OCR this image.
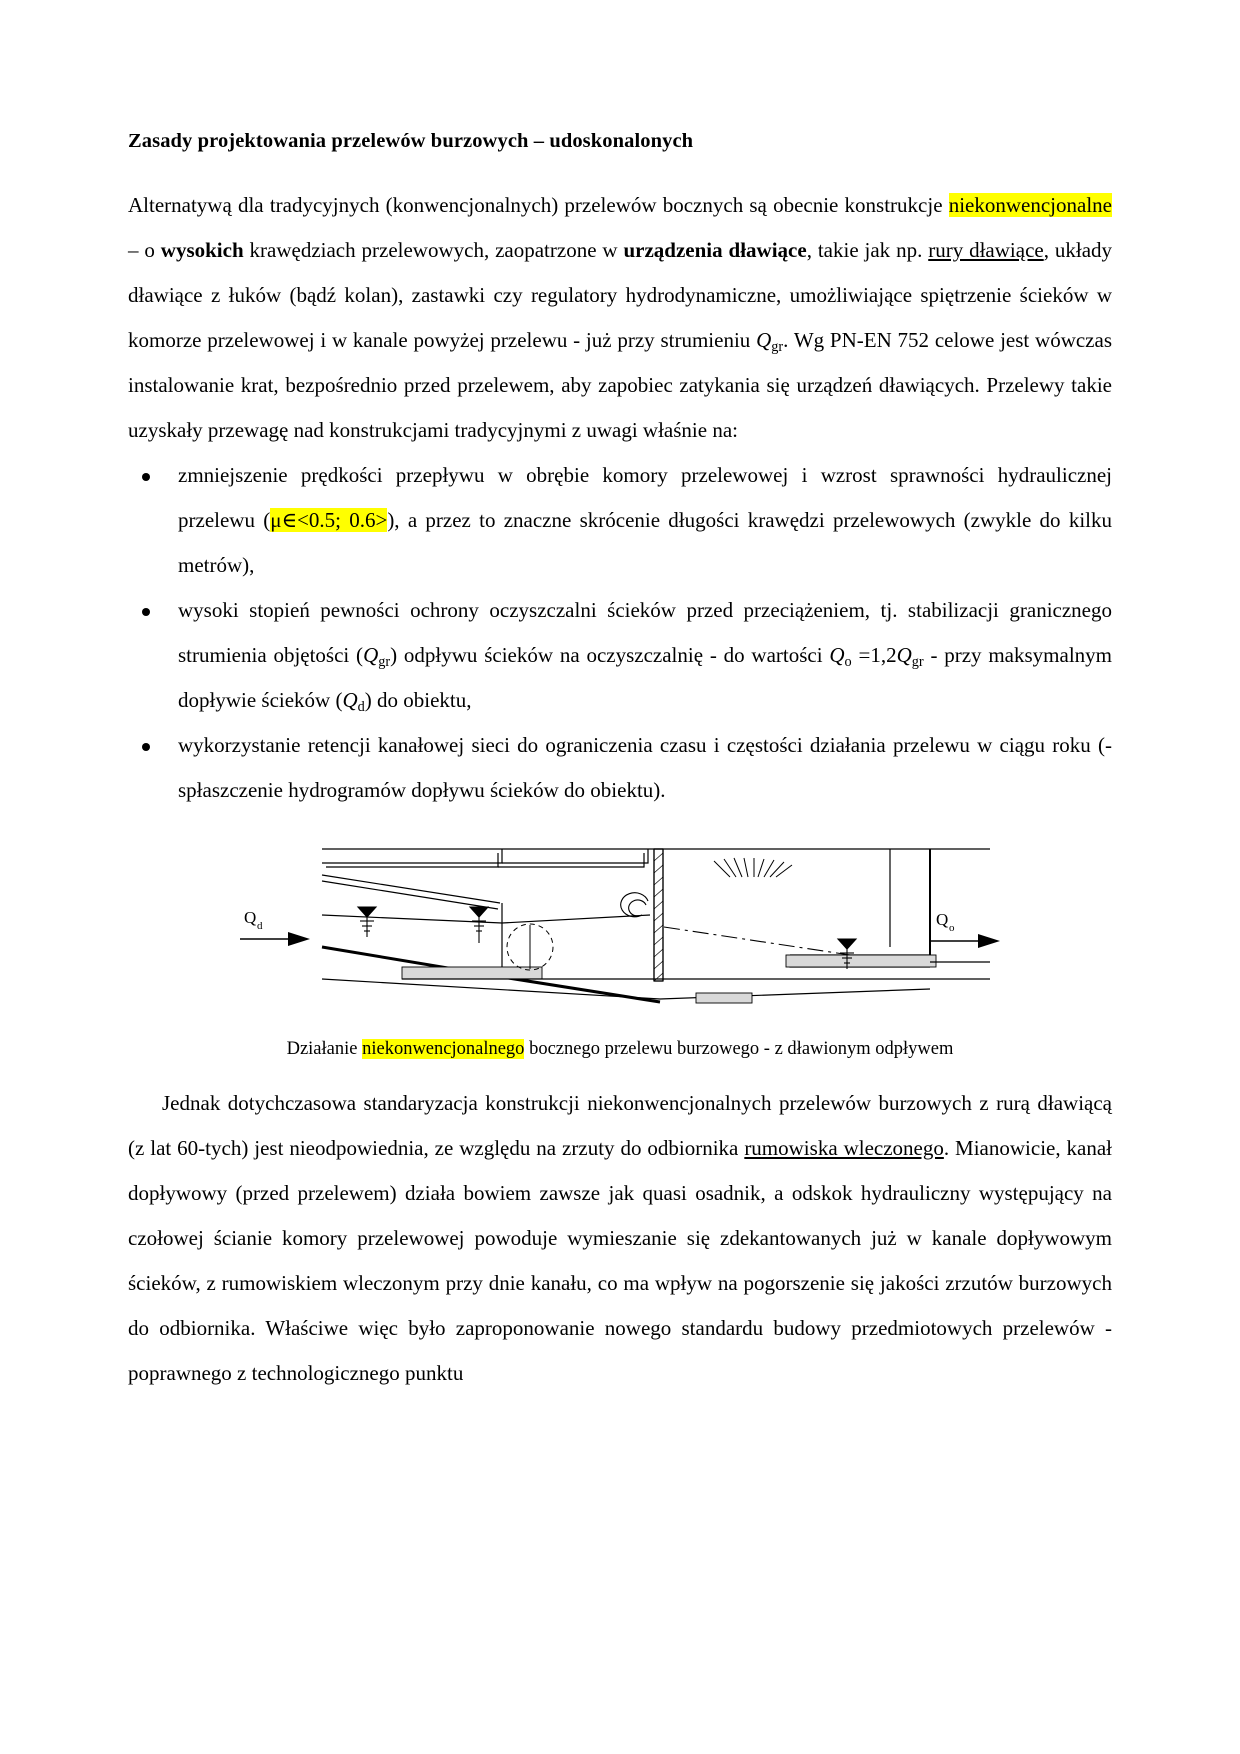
Zasady projektowania przelewów burzowych – udoskonalonych

Alternatywą dla tradycyjnych (konwencjonalnych) przelewów bocznych są obecnie konstrukcje niekonwencjonalne – o wysokich krawędziach przelewowych, zaopatrzone w urządzenia dławiące, takie jak np. rury dławiące, układy dławiące z łuków (bądź kolan), zastawki czy regulatory hydrodynamiczne, umożliwiające spiętrzenie ścieków w komorze przelewowej i w kanale powyżej przelewu - już przy strumieniu $Q_{gr}$. Wg PN-EN 752 celowe jest wówczas instalowanie krat, bezpośrednio przed przelewem, aby zapobiec zatykania się urządzeń dławiących. Przelewy takie uzyskały przewagę nad konstrukcjami tradycyjnymi z uwagi właśnie na:

zmniejszenie prędkości przepływu w obrębie komory przelewowej i wzrost sprawności hydraulicznej przelewu (μ∈<0.5; 0.6>), a przez to znaczne skrócenie długości krawędzi przelewowych (zwykle do kilku metrów),
wysoki stopień pewności ochrony oczyszczalni ścieków przed przeciążeniem, tj. stabilizacji granicznego strumienia objętości $(Q_{gr})$ odpływu ścieków na oczyszczalnię - do wartości $Q_o =1,2Q_{gr}$ - przy maksymalnym dopływie ścieków $(Q_d)$ do obiektu,
wykorzystanie retencji kanałowej sieci do ograniczenia czasu i częstości działania przelewu w ciągu roku (- spłaszczenie hydrogramów dopływu ścieków do obiektu).
Q d	Q o
Działanie niekonwencjonalnego bocznego przelewu burzowego - z dławionym odpływem

Jednak dotychczasowa standaryzacja konstrukcji niekonwencjonalnych przelewów burzowych z rurą dławiącą (z lat 60-tych) jest nieodpowiednia, ze względu na zrzuty do odbiornika rumowiska wleczonego. Mianowicie, kanał dopływowy (przed przelewem) działa bowiem zawsze jak quasi osadnik, a odskok hydrauliczny występujący na czołowej ścianie komory przelewowej powoduje wymieszanie się zdekantowanych już w kanale dopływowym ścieków, z rumowiskiem wleczonym przy dnie kanału, co ma wpływ na pogorszenie się jakości zrzutów burzowych do odbiornika. Właściwe więc było zaproponowanie nowego standardu budowy przedmiotowych przelewów - poprawnego z technologicznego punktu
